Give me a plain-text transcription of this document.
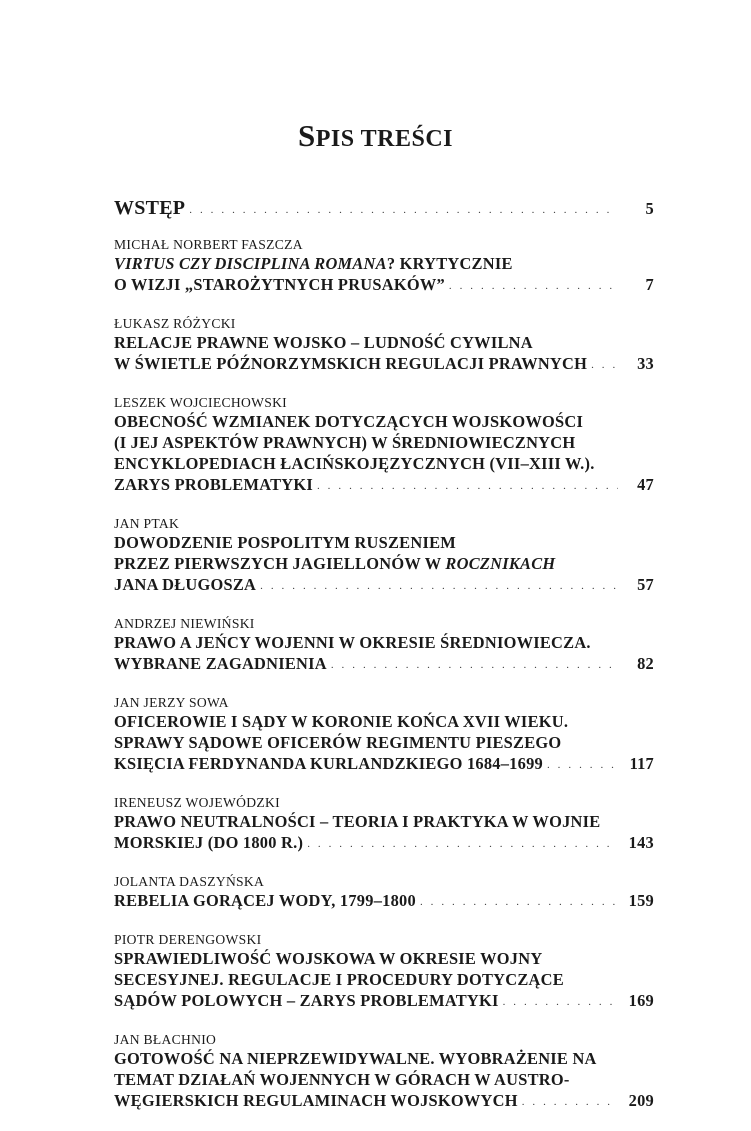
SPIS TREŚCI
WSTĘP . . .	5
MICHAŁ NORBERT FASZCZA
VIRTUS CZY DISCIPLINA ROMANA? KRYTYCZNIE
O WIZJI „STAROŻYTNYCH PRUSAKÓW” . . .	7
ŁUKASZ RÓŻYCKI
RELACJE PRAWNE WOJSKO – LUDNOŚĆ CYWILNA
W ŚWIETLE PÓŹNORZYMSKICH REGULACJI PRAWNYCH . . .	33
LESZEK WOJCIECHOWSKI
OBECNOŚĆ WZMIANEK DOTYCZĄCYCH WOJSKOWOŚCI
(I JEJ ASPEKTÓW PRAWNYCH) W ŚREDNIOWIECZNYCH
ENCYKLOPEDIACH ŁACIŃSKOJĘZYCZNYCH (VII–XIII W.).
ZARYS PROBLEMATYKI . . .	47
JAN PTAK
DOWODZENIE POSPOLITYM RUSZENIEM
PRZEZ PIERWSZYCH JAGIELLONÓW W ROCZNIKACH
JANA DŁUGOSZA . . .	57
ANDRZEJ NIEWIŃSKI
PRAWO A JEŃCY WOJENNI W OKRESIE ŚREDNIOWIECZA.
WYBRANE ZAGADNIENIA . . .	82
JAN JERZY SOWA
OFICEROWIE I SĄDY W KORONIE KOŃCA XVII WIEKU.
SPRAWY SĄDOWE OFICERÓW REGIMENTU PIESZEGO
KSIĘCIA FERDYNANDA KURLANDZKIEGO 1684–1699 . . .	117
IRENEUSZ WOJEWÓDZKI
PRAWO NEUTRALNOŚCI – TEORIA I PRAKTYKA W WOJNIE
MORSKIEJ (DO 1800 R.) . . .	143
JOLANTA DASZYŃSKA
REBELIA GORĄCEJ WODY, 1799–1800 . . .	159
PIOTR DERENGOWSKI
SPRAWIEDLIWOŚĆ WOJSKOWA W OKRESIE WOJNY
SECESYJNEJ. REGULACJE I PROCEDURY DOTYCZĄCE
SĄDÓW POLOWYCH – ZARYS PROBLEMATYKI . . .	169
JAN BŁACHNIO
GOTOWOŚĆ NA NIEPRZEWIDYWALNE. WYOBRAŻENIE NA
TEMAT DZIAŁAŃ WOJENNYCH W GÓRACH W AUSTRO-
WĘGIERSKICH REGULAMINACH WOJSKOWYCH . . .	209
